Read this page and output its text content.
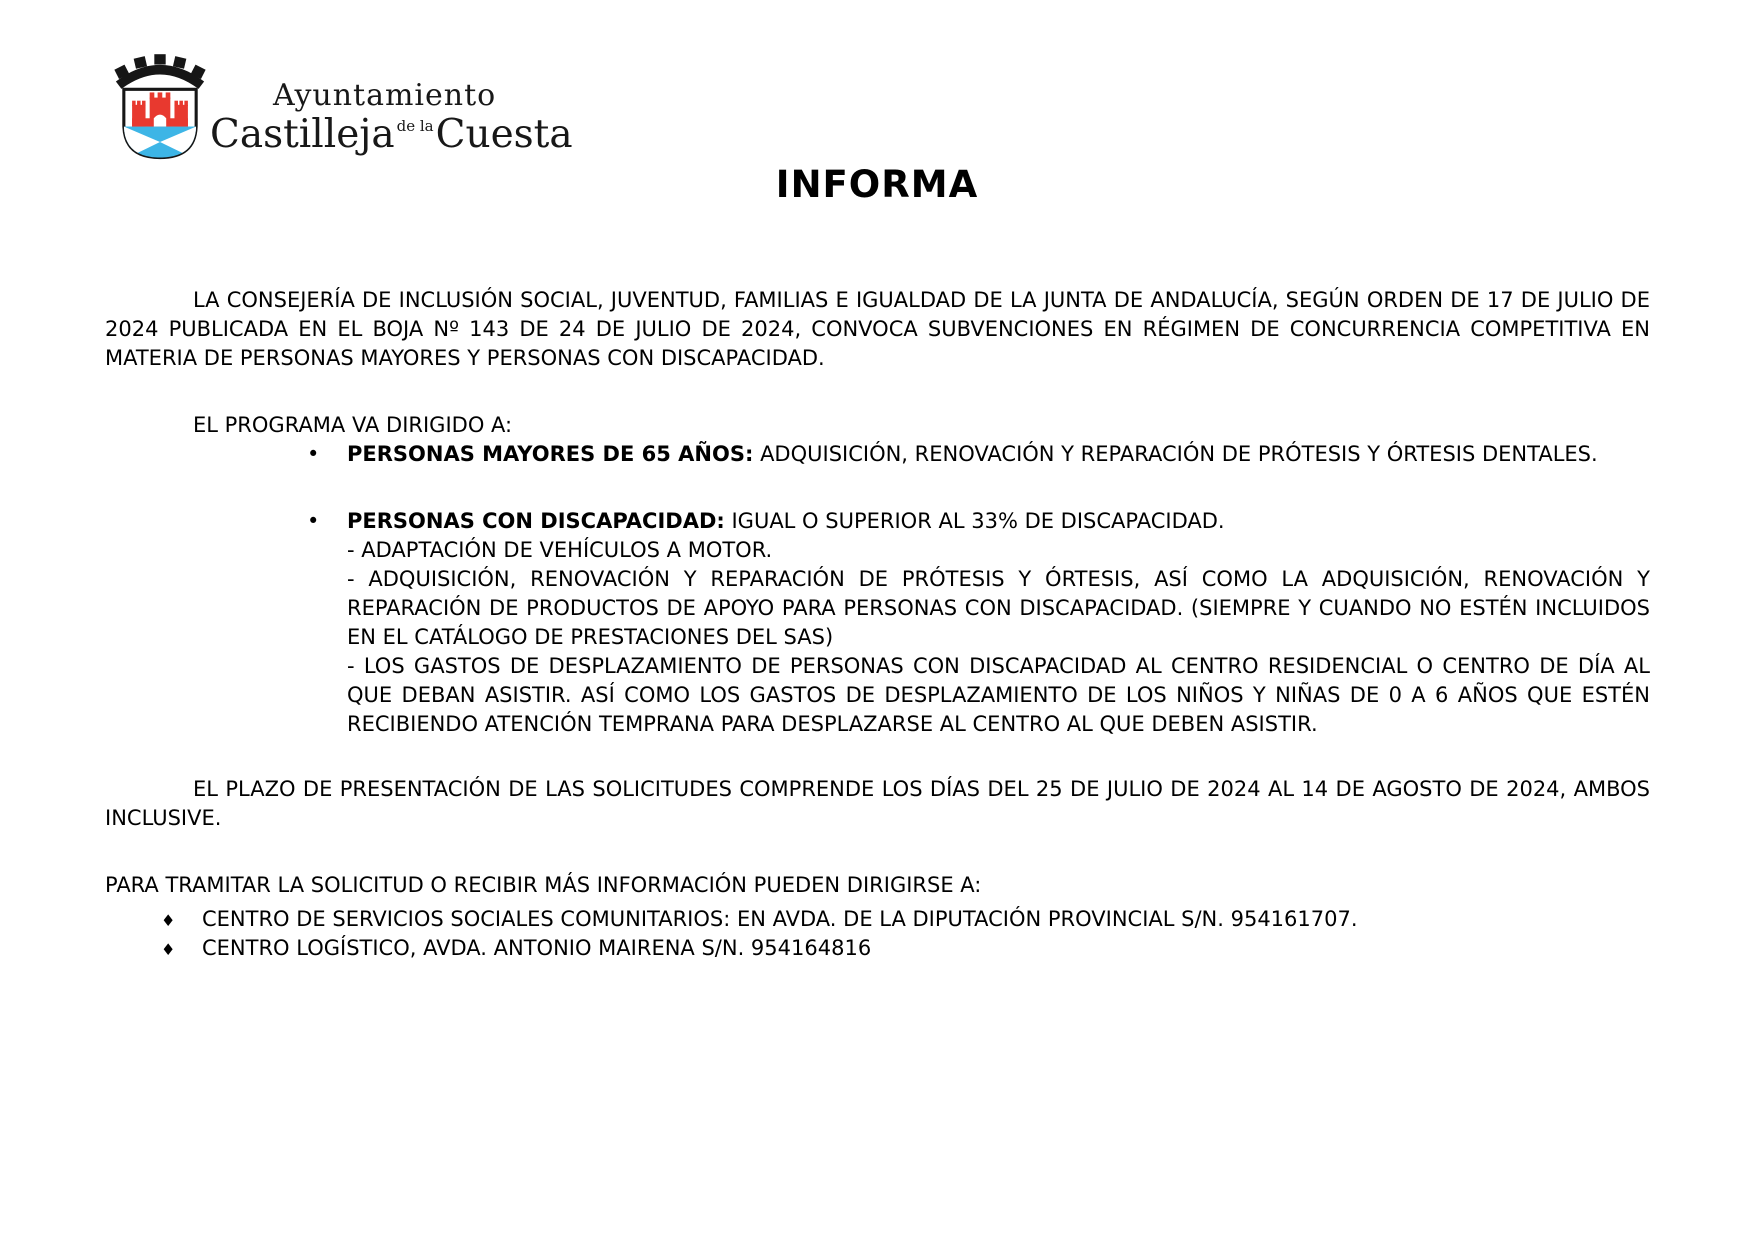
Ayuntamiento
Castilleja $^{de la}$Cuesta
INFORMA

LA CONSEJERÍA DE INCLUSIÓN SOCIAL, JUVENTUD, FAMILIAS E IGUALDAD DE LA JUNTA DE ANDALUCÍA, SEGÚN ORDEN DE 17 DE JULIO DE 2024 PUBLICADA EN EL BOJA Nº 143 DE 24 DE JULIO DE 2024, CONVOCA SUBVENCIONES EN RÉGIMEN DE CONCURRENCIA COMPETITIVA EN MATERIA DE PERSONAS MAYORES Y PERSONAS CON DISCAPACIDAD.

EL PROGRAMA VA DIRIGIDO A:

• PERSONAS MAYORES DE 65 AÑOS: ADQUISICIÓN, RENOVACIÓN Y REPARACIÓN DE PRÓTESIS Y ÓRTESIS DENTALES.

• PERSONAS CON DISCAPACIDAD: IGUAL O SUPERIOR AL 33% DE DISCAPACIDAD.

- ADAPTACIÓN DE VEHÍCULOS A MOTOR.

- ADQUISICIÓN, RENOVACIÓN Y REPARACIÓN DE PRÓTESIS Y ÓRTESIS, ASÍ COMO LA ADQUISICIÓN, RENOVACIÓN Y REPARACIÓN DE PRODUCTOS DE APOYO PARA PERSONAS CON DISCAPACIDAD. (SIEMPRE Y CUANDO NO ESTÉN INCLUIDOS EN EL CATÁLOGO DE PRESTACIONES DEL SAS)

- LOS GASTOS DE DESPLAZAMIENTO DE PERSONAS CON DISCAPACIDAD AL CENTRO RESIDENCIAL O CENTRO DE DÍA AL QUE DEBAN ASISTIR. ASÍ COMO LOS GASTOS DE DESPLAZAMIENTO DE LOS NIÑOS Y NIÑAS DE 0 A 6 AÑOS QUE ESTÉN RECIBIENDO ATENCIÓN TEMPRANA PARA DESPLAZARSE AL CENTRO AL QUE DEBEN ASISTIR.

EL PLAZO DE PRESENTACIÓN DE LAS SOLICITUDES COMPRENDE LOS DÍAS DEL 25 DE JULIO DE 2024 AL 14 DE AGOSTO DE 2024, AMBOS INCLUSIVE.

PARA TRAMITAR LA SOLICITUD O RECIBIR MÁS INFORMACIÓN PUEDEN DIRIGIRSE A:

♦ CENTRO DE SERVICIOS SOCIALES COMUNITARIOS: EN AVDA. DE LA DIPUTACIÓN PROVINCIAL S/N. 954161707.
♦ CENTRO LOGÍSTICO, AVDA. ANTONIO MAIRENA S/N. 954164816
